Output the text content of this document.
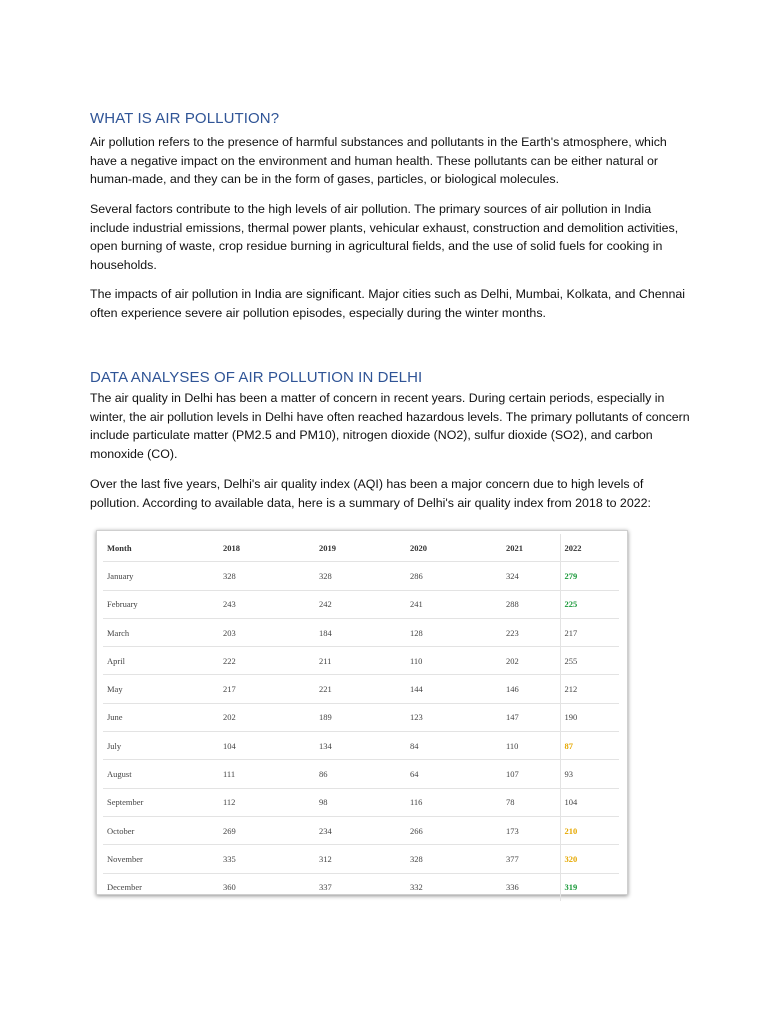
WHAT IS AIR POLLUTION?

Air pollution refers to the presence of harmful substances and pollutants in the Earth's atmosphere, which have a negative impact on the environment and human health. These pollutants can be either natural or human-made, and they can be in the form of gases, particles, or biological molecules.

Several factors contribute to the high levels of air pollution. The primary sources of air pollution in India include industrial emissions, thermal power plants, vehicular exhaust, construction and demolition activities, open burning of waste, crop residue burning in agricultural fields, and the use of solid fuels for cooking in households.

The impacts of air pollution in India are significant. Major cities such as Delhi, Mumbai, Kolkata, and Chennai often experience severe air pollution episodes, especially during the winter months.

DATA ANALYSES OF AIR POLLUTION IN DELHI

The air quality in Delhi has been a matter of concern in recent years. During certain periods, especially in winter, the air pollution levels in Delhi have often reached hazardous levels. The primary pollutants of concern include particulate matter (PM2.5 and PM10), nitrogen dioxide (NO2), sulfur dioxide (SO2), and carbon monoxide (CO).

Over the last five years, Delhi's air quality index (AQI) has been a major concern due to high levels of pollution. According to available data, here is a summary of Delhi's air quality index from 2018 to 2022:

Month	2018	2019	2020	2021	2022
January	328	328	286	324	279
February	243	242	241	288	225
March	203	184	128	223	217
April	222	211	110	202	255
May	217	221	144	146	212
June	202	189	123	147	190
July	104	134	84	110	87
August	111	86	64	107	93
September	112	98	116	78	104
October	269	234	266	173	210
November	335	312	328	377	320
December	360	337	332	336	319
